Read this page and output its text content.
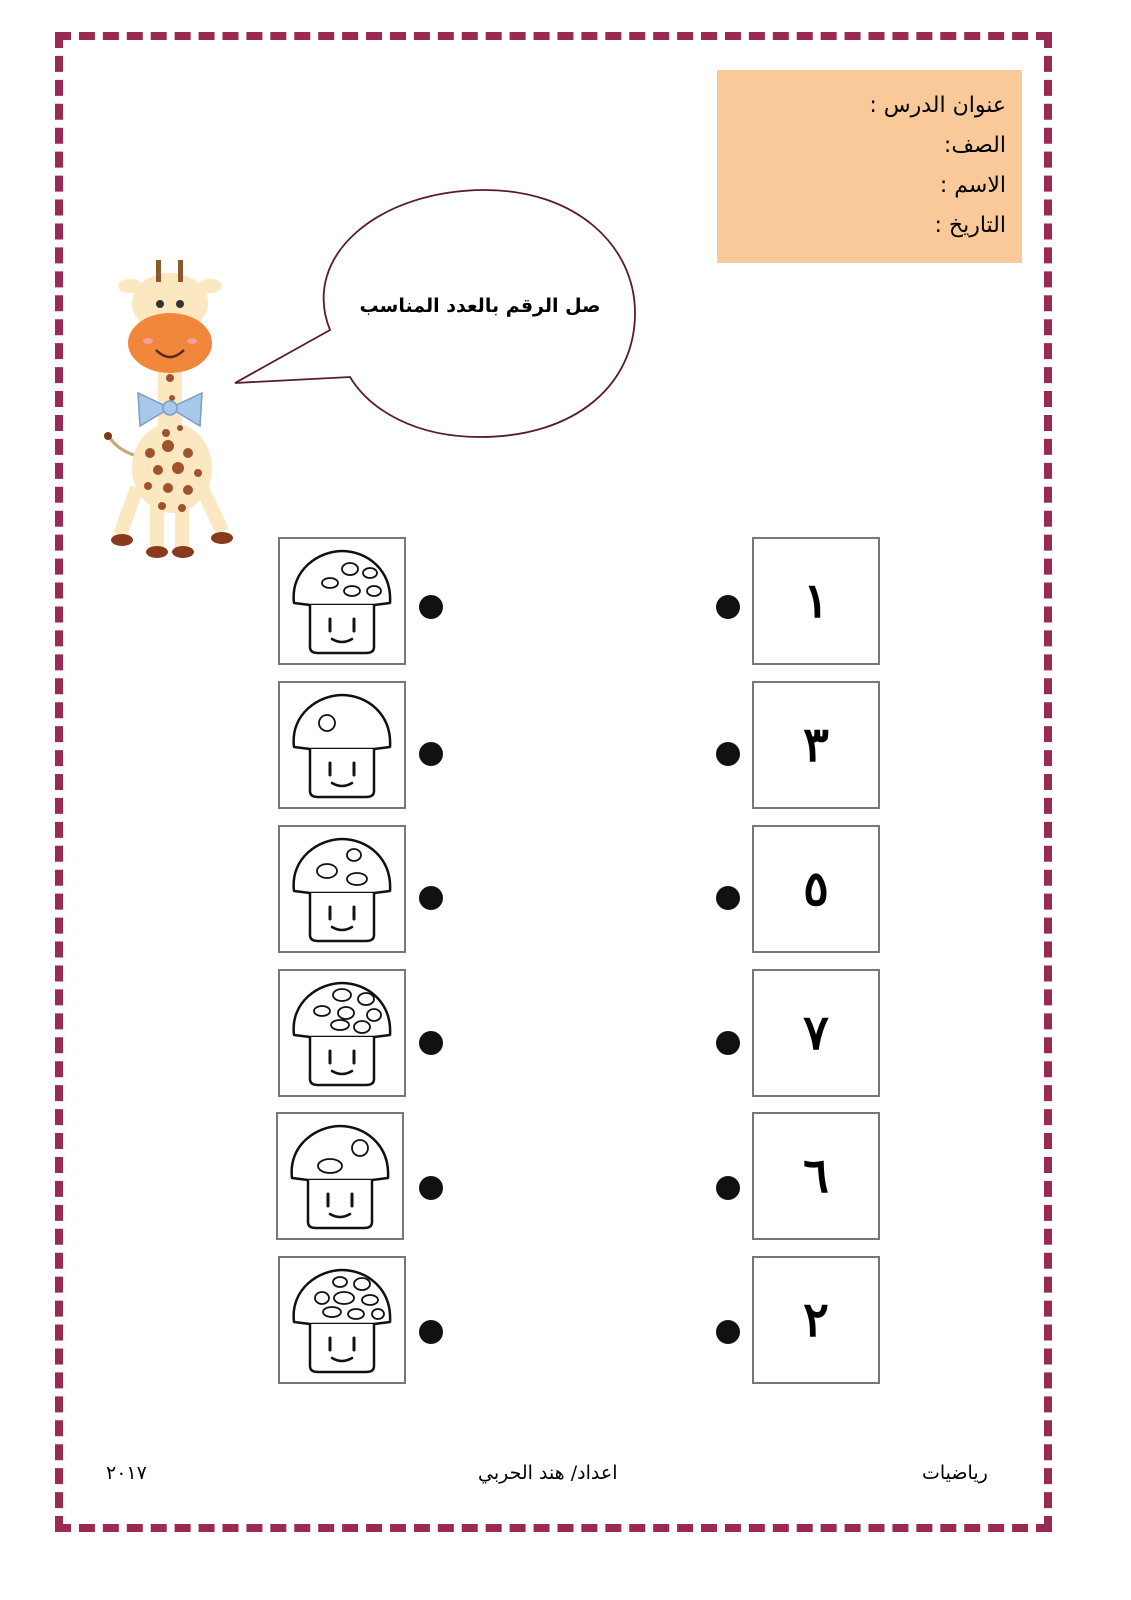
عنوان الدرس :
الصف:
الاسم :
التاريخ :
صل الرقم بالعدد المناسب
١
٣
٥
٧
٦
٢
رياضيات
اعداد/ هند الحربي
٢٠١٧
